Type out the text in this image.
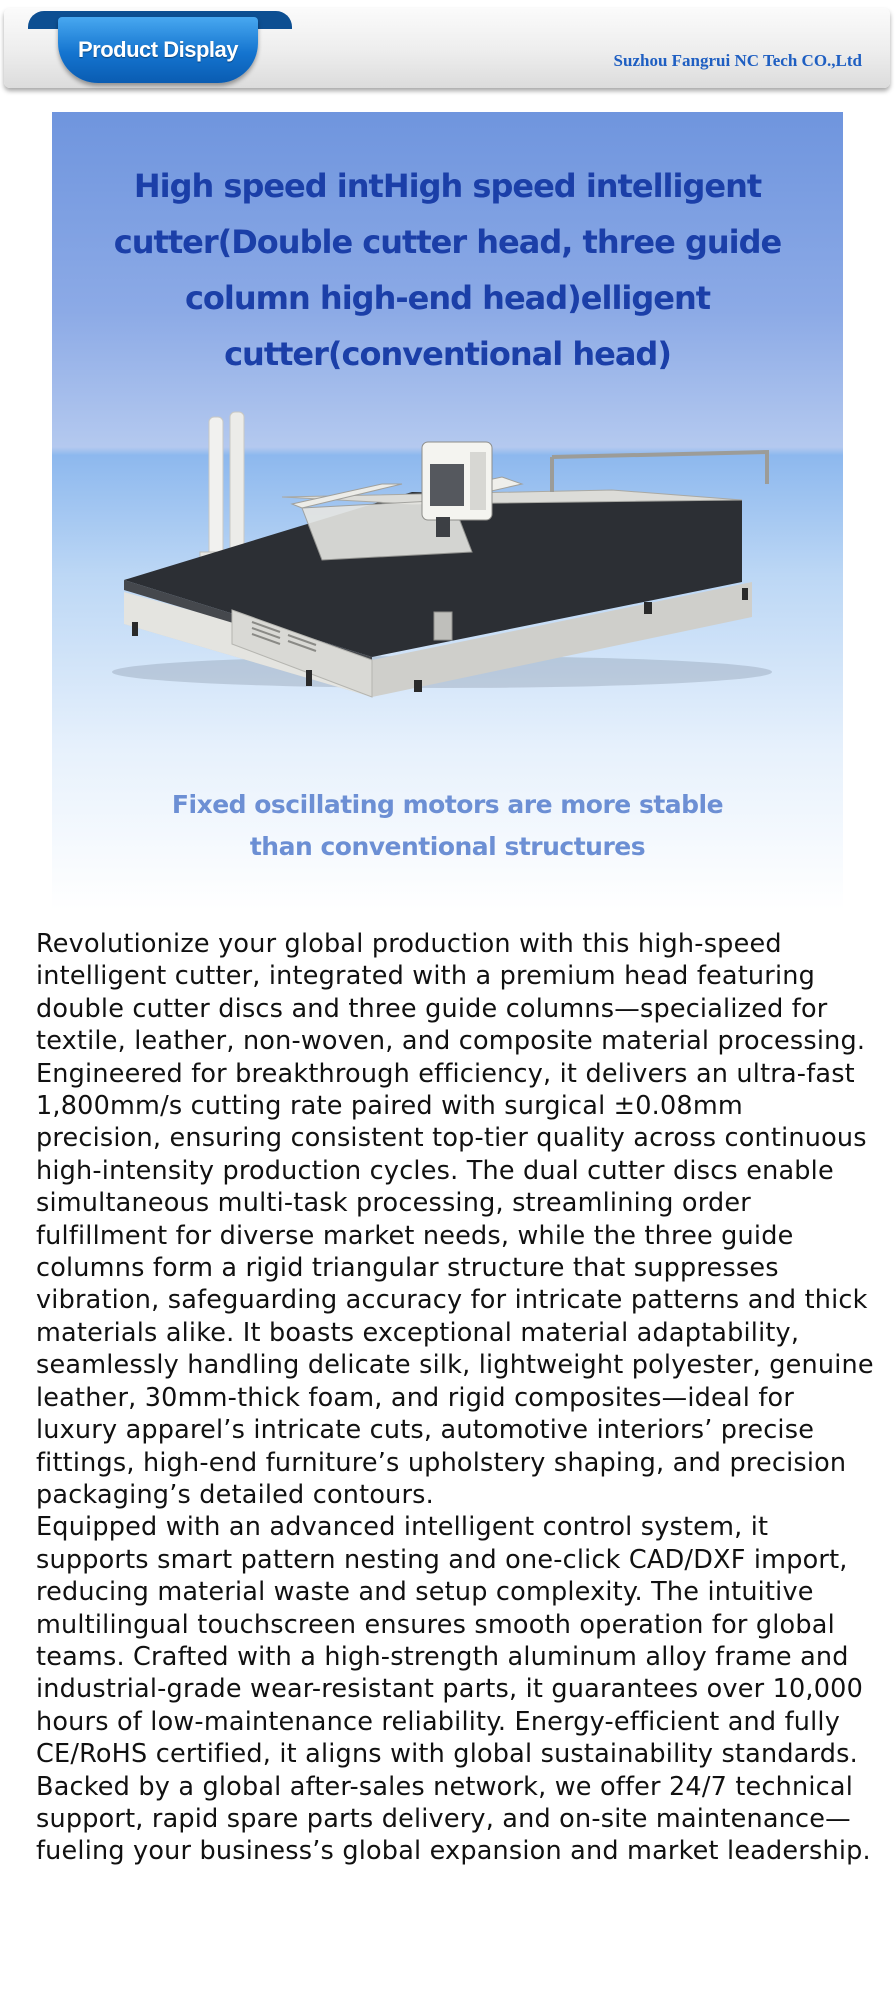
Product Display	Suzhou Fangrui NC Tech CO.,Ltd
High speed intHigh speed intelligent cutter(Double cutter head, three guide column high-end head)elligent cutter(conventional head)
Fixed oscillating motors are more stable than conventional structures

Revolutionize your global production with this high-speed intelligent cutter, integrated with a premium head featuring double cutter discs and three guide columns—specialized for textile, leather, non-woven, and composite material processing. Engineered for breakthrough efficiency, it delivers an ultra-fast 1,800mm/s cutting rate paired with surgical ±0.08mm precision, ensuring consistent top-tier quality across continuous high-intensity production cycles. The dual cutter discs enable simultaneous multi-task processing, streamlining order fulfillment for diverse market needs, while the three guide columns form a rigid triangular structure that suppresses vibration, safeguarding accuracy for intricate patterns and thick materials alike. It boasts exceptional material adaptability, seamlessly handling delicate silk, lightweight polyester, genuine leather, 30mm-thick foam, and rigid composites—ideal for luxury apparel’s intricate cuts, automotive interiors’ precise fittings, high-end furniture’s upholstery shaping, and precision packaging’s detailed contours.

Equipped with an advanced intelligent control system, it supports smart pattern nesting and one-click CAD/DXF import, reducing material waste and setup complexity. The intuitive multilingual touchscreen ensures smooth operation for global teams. Crafted with a high-strength aluminum alloy frame and industrial-grade wear-resistant parts, it guarantees over 10,000 hours of low-maintenance reliability. Energy-efficient and fully CE/RoHS certified, it aligns with global sustainability standards. Backed by a global after-sales network, we offer 24/7 technical support, rapid spare parts delivery, and on-site maintenance—fueling your business’s global expansion and market leadership.
